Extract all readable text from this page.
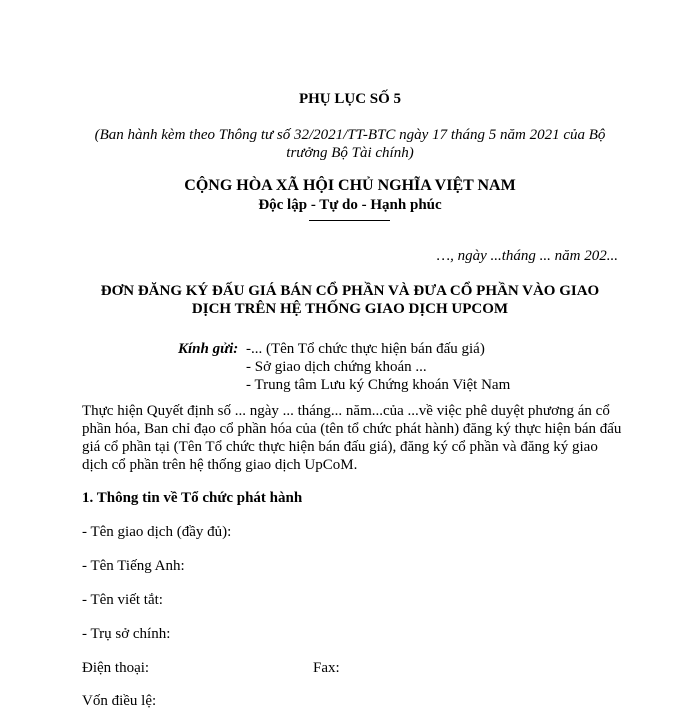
PHỤ LỤC SỐ 5
(Ban hành kèm theo Thông tư số 32/2021/TT-BTC ngày 17 tháng 5 năm 2021 của Bộ
trưởng Bộ Tài chính)
CỘNG HÒA XÃ HỘI CHỦ NGHĨA VIỆT NAM
Độc lập - Tự do - Hạnh phúc
…, ngày ...tháng ... năm 202...
ĐƠN ĐĂNG KÝ ĐẤU GIÁ BÁN CỔ PHẦN VÀ ĐƯA CỔ PHẦN VÀO GIAO
DỊCH TRÊN HỆ THỐNG GIAO DỊCH UPCOM
Kính gửi: -... (Tên Tổ chức thực hiện bán đấu giá)
- Sở giao dịch chứng khoán ...
- Trung tâm Lưu ký Chứng khoán Việt Nam
Thực hiện Quyết định số ... ngày ... tháng... năm...của ...về việc phê duyệt phương án cổ
phần hóa, Ban chỉ đạo cổ phần hóa của (tên tổ chức phát hành) đăng ký thực hiện bán đấu
giá cổ phần tại (Tên Tổ chức thực hiện bán đấu giá), đăng ký cổ phần và đăng ký giao
dịch cổ phần trên hệ thống giao dịch UpCoM.
1. Thông tin về Tổ chức phát hành
- Tên giao dịch (đầy đủ):
- Tên Tiếng Anh:
- Tên viết tắt:
- Trụ sở chính:
Điện thoại:	Fax:
Vốn điều lệ:
